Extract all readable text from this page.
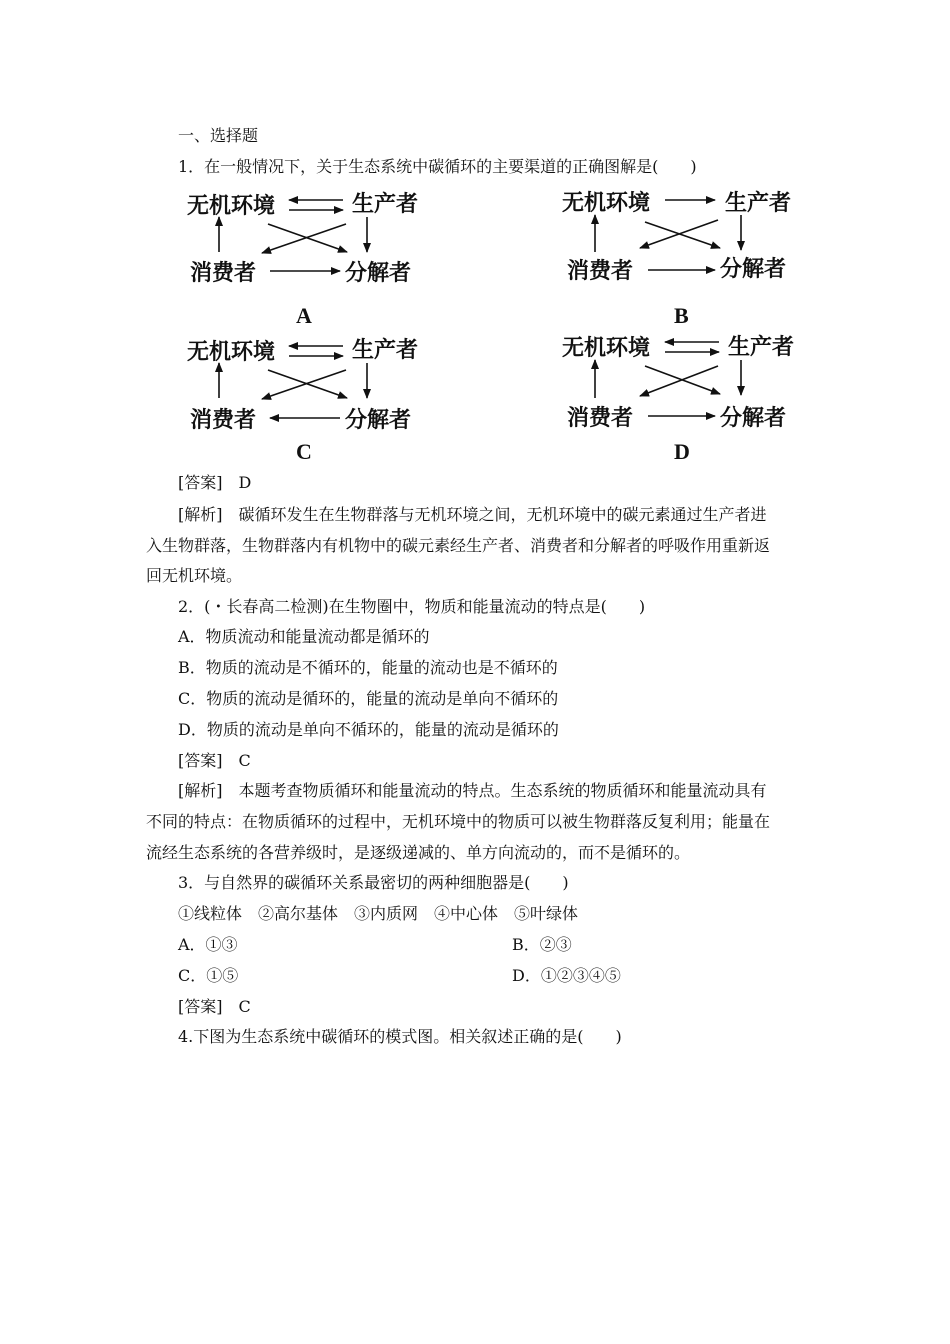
一、选择题
1．在一般情况下，关于生态系统中碳循环的主要渠道的正确图解是(　　)
无机环境	生产者
消费者	分解者
无机环境	生产者
消费者	分解者
无机环境	生产者
消费者	分解者
无机环境	生产者
消费者	分解者
A	B
C	D
[答案]　D
[解析]　碳循环发生在生物群落与无机环境之间，无机环境中的碳元素通过生产者进
入生物群落，生物群落内有机物中的碳元素经生产者、消费者和分解者的呼吸作用重新返
回无机环境。
2．(・长春高二检测)在生物圈中，物质和能量流动的特点是(　　)
A．物质流动和能量流动都是循环的
B．物质的流动是不循环的，能量的流动也是不循环的
C．物质的流动是循环的，能量的流动是单向不循环的
D．物质的流动是单向不循环的，能量的流动是循环的
[答案]　C
[解析]　本题考查物质循环和能量流动的特点。生态系统的物质循环和能量流动具有
不同的特点：在物质循环的过程中，无机环境中的物质可以被生物群落反复利用；能量在
流经生态系统的各营养级时，是逐级递减的、单方向流动的，而不是循环的。
3．与自然界的碳循环关系最密切的两种细胞器是(　　)
①线粒体　②高尔基体　③内质网　④中心体　⑤叶绿体
A．①③	B．②③
C．①⑤	D．①②③④⑤
[答案]　C
4.下图为生态系统中碳循环的模式图。相关叙述正确的是(　　)
